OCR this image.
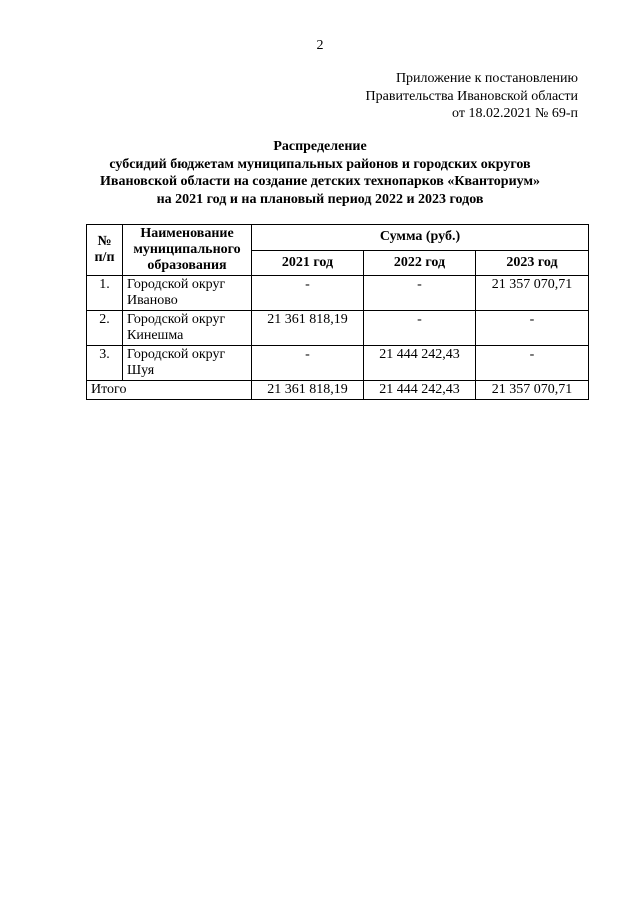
2
Приложение к постановлению
Правительства Ивановской области
от 18.02.2021 № 69-п
Распределение
субсидий бюджетам муниципальных районов и городских округов
Ивановской области на создание детских технопарков «Кванториум»
на 2021 год и на плановый период 2022 и 2023 годов
№
п/п	Наименование муниципального образования	Сумма (руб.)		
		2021 год	2022 год	2023 год
1.	Городской округ Иваново	-	-	21 357 070,71
2.	Городской округ Кинешма	21 361 818,19	-	-
3.	Городской округ Шуя	-	21 444 242,43	-
Итого		21 361 818,19	21 444 242,43	21 357 070,71
